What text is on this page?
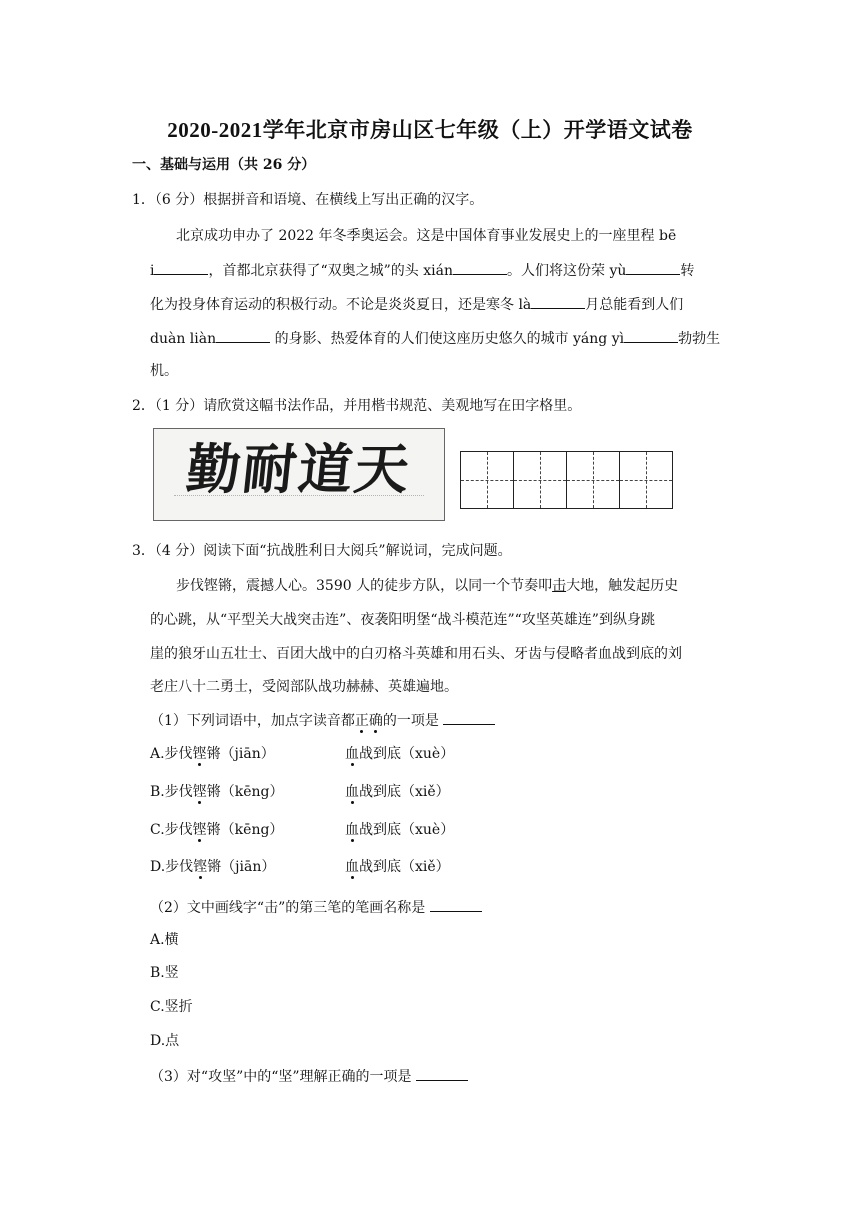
2020-2021学年北京市房山区七年级（上）开学语文试卷
一、基础与运用（共 26 分）
1．（6 分）根据拼音和语境、在横线上写出正确的汉字。
北京成功申办了 2022 年冬季奥运会。这是中国体育事业发展史上的一座里程 bē
i	，首都北京获得了“双奥之城”的头 xián	。人们将这份荣 yù	转
化为投身体育运动的积极行动。不论是炎炎夏日，还是寒冬 là	月总能看到人们
duàn liàn	的身影、热爱体育的人们使这座历史悠久的城市 yáng yì	勃勃生
机。
2．（1 分）请欣赏这幅书法作品，并用楷书规范、美观地写在田字格里。
勤耐道天
3．（4 分）阅读下面“抗战胜利日大阅兵”解说词，完成问题。
步伐铿锵，震撼人心。3590 人的徒步方队，以同一个节奏叩击大地，触发起历史
的心跳，从“平型关大战突击连”、夜袭阳明堡“战斗模范连”“攻坚英雄连”到纵身跳
崖的狼牙山五壮士、百团大战中的白刃格斗英雄和用石头、牙齿与侵略者血战到底的刘
老庄八十二勇士，受阅部队战功赫赫、英雄遍地。
（1）下列词语中，加点字读音都正确的一项是
A.步伐铿锵（jiān）	血战到底（xuè）
B.步伐铿锵（kēng）	血战到底（xiě）
C.步伐铿锵（kēng）	血战到底（xuè）
D.步伐铿锵（jiān）	血战到底（xiě）
（2）文中画线字“击”的第三笔的笔画名称是
A.横
B.竖
C.竖折
D.点
（3）对“攻坚”中的“坚”理解正确的一项是
